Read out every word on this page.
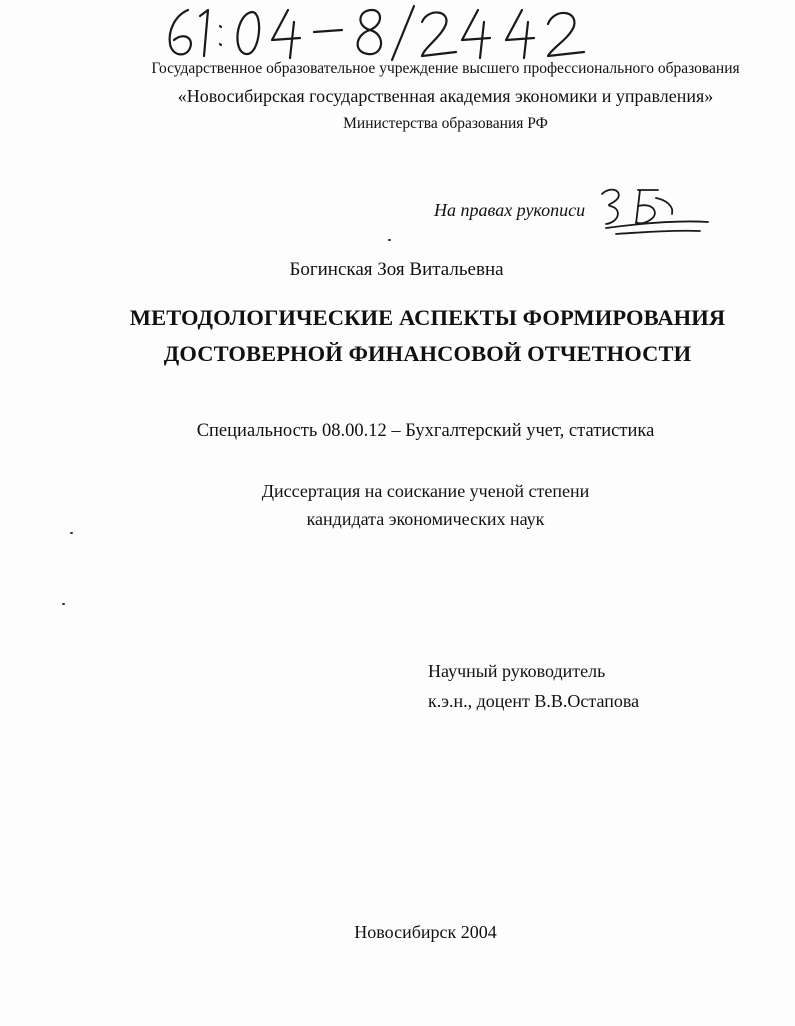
Государственное образовательное учреждение высшего профессионального образования
«Новосибирская государственная академия экономики и управления»
Министерства образования РФ
На правах рукописи
Богинская Зоя Витальевна
МЕТОДОЛОГИЧЕСКИЕ АСПЕКТЫ ФОРМИРОВАНИЯ
ДОСТОВЕРНОЙ ФИНАНСОВОЙ ОТЧЕТНОСТИ
Специальность 08.00.12 – Бухгалтерский учет, статистика
Диссертация на соискание ученой степени
кандидата экономических наук
Научный руководитель
к.э.н., доцент В.В.Остапова
Новосибирск 2004
